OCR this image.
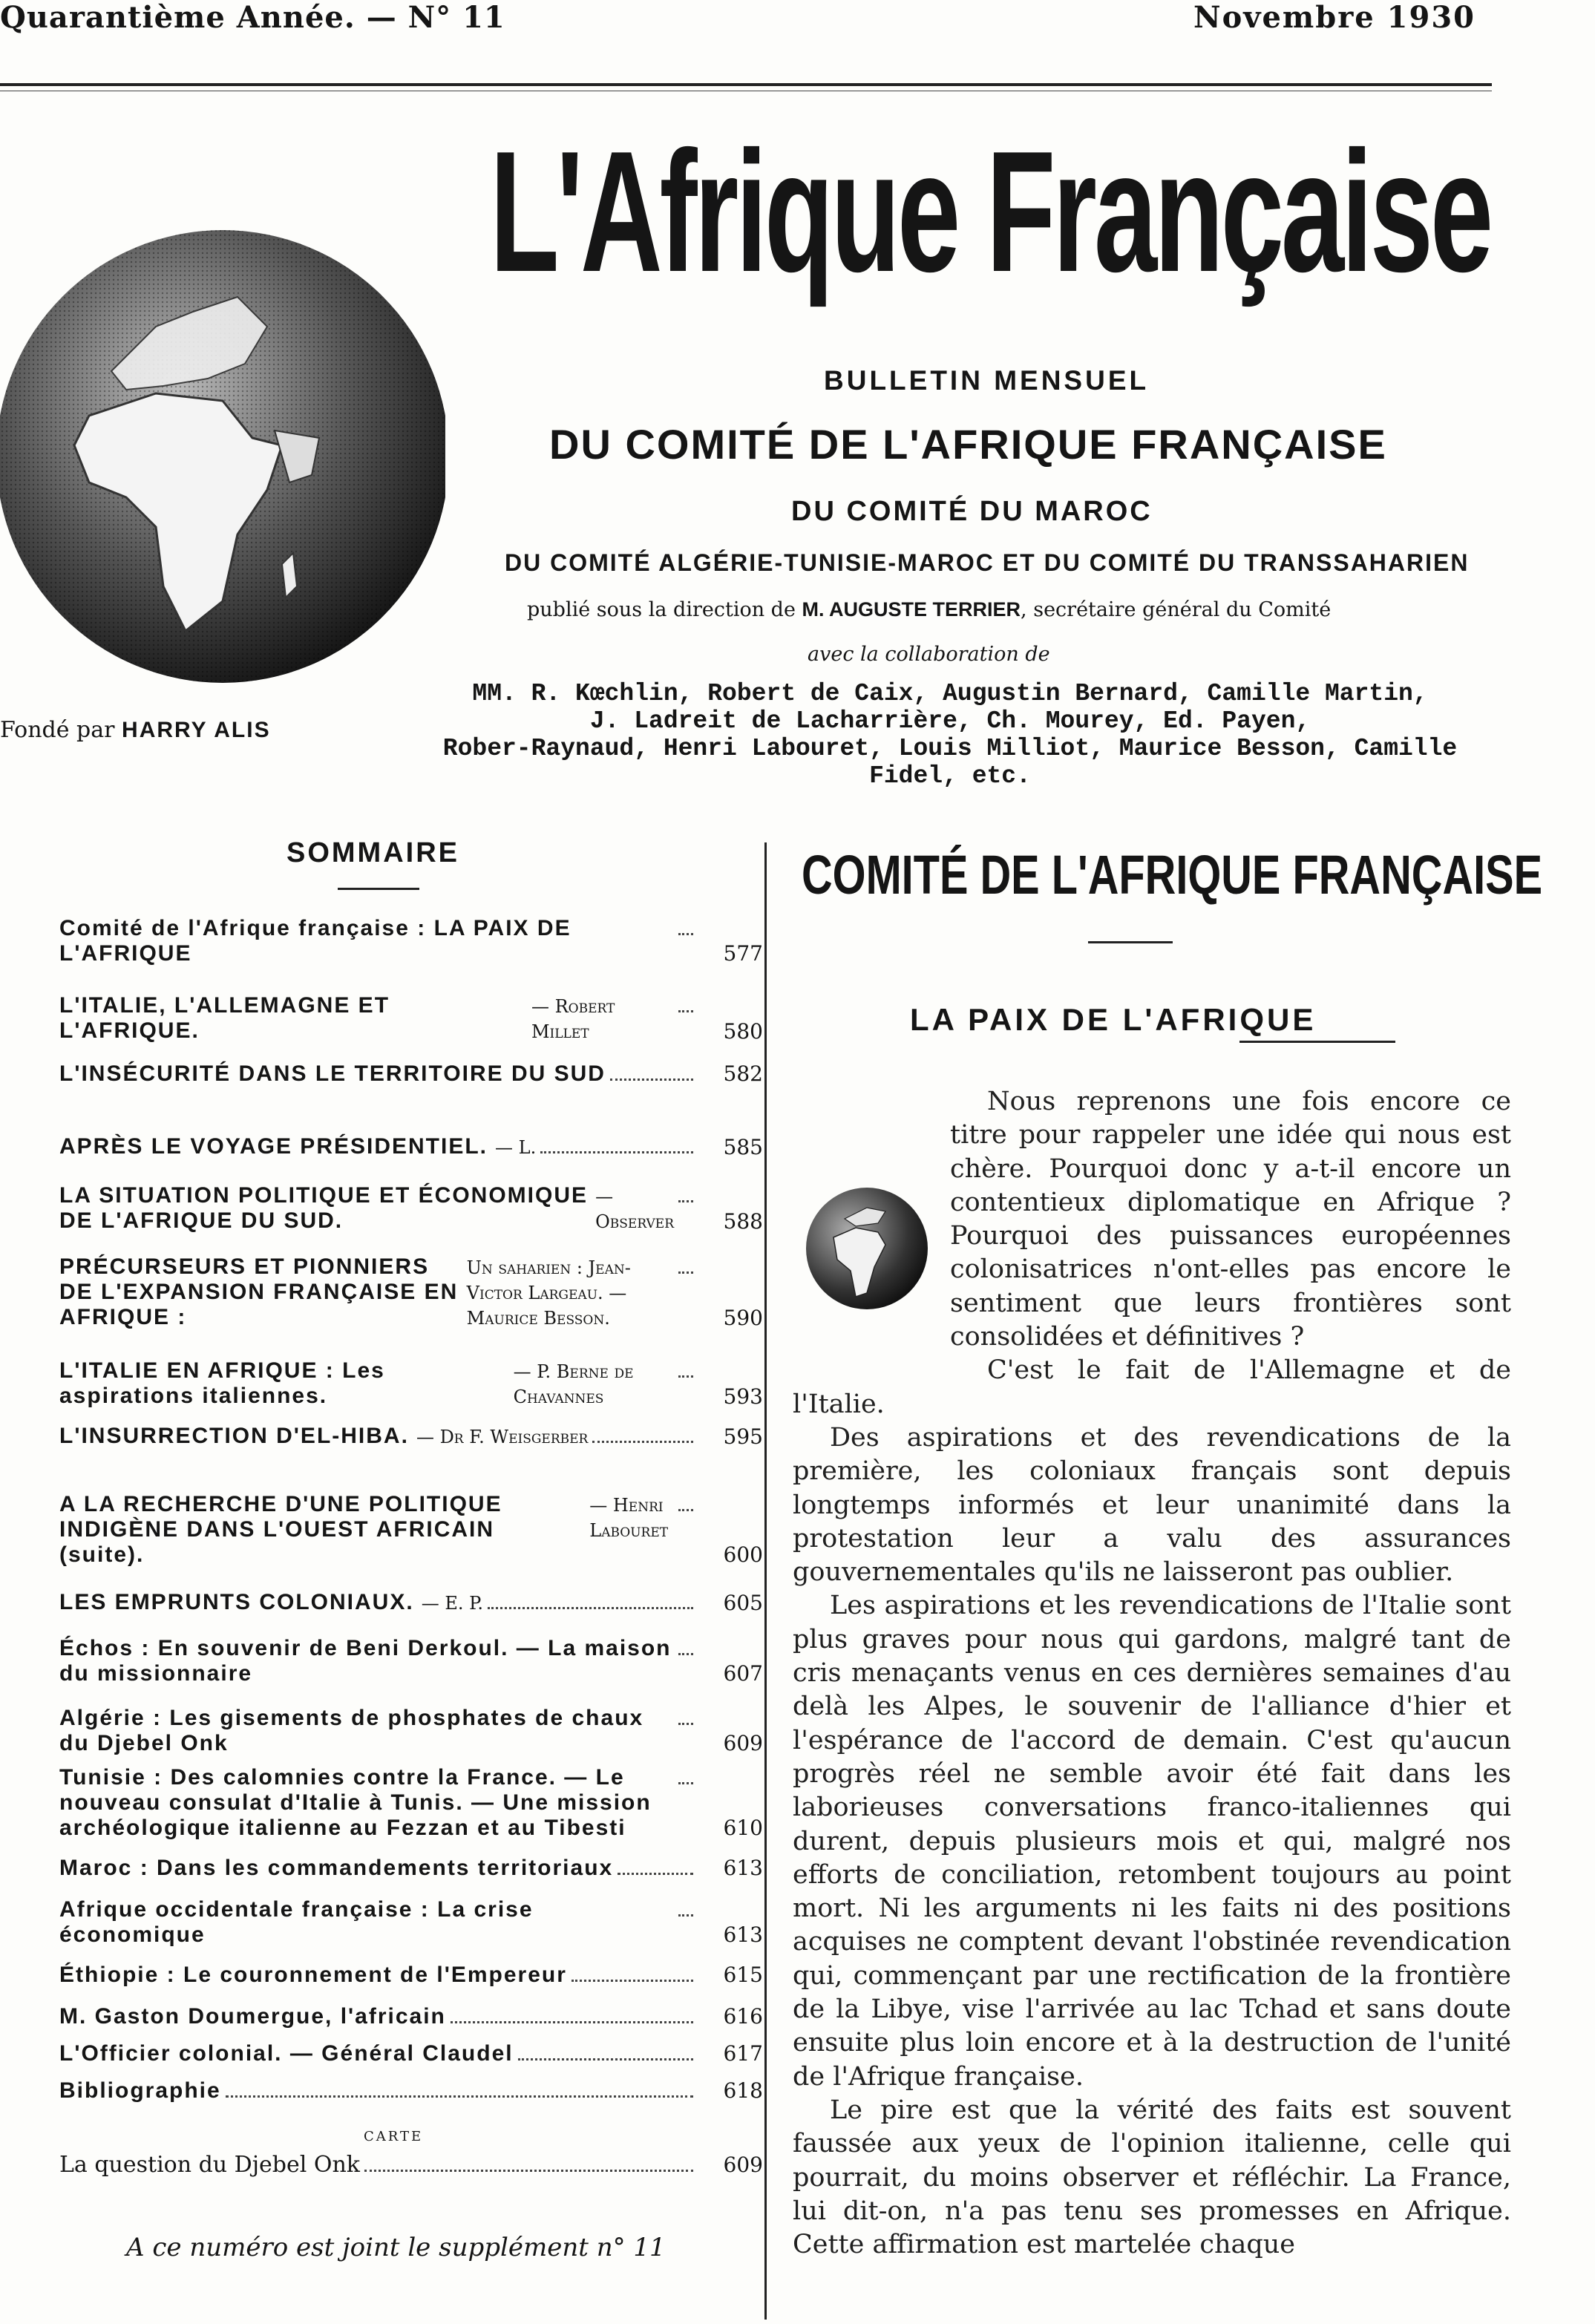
Quarantième Année. — N° 11	Novembre 1930
L'Afrique Française
BULLETIN MENSUEL
DU COMITÉ DE L'AFRIQUE FRANÇAISE
DU COMITÉ DU MAROC
DU COMITÉ ALGÉRIE-TUNISIE-MAROC ET DU COMITÉ DU TRANSSAHARIEN
publié sous la direction de M. AUGUSTE TERRIER, secrétaire général du Comité
avec la collaboration de
MM. R. Kœchlin, Robert de Caix, Augustin Bernard, Camille Martin,
J. Ladreit de Lacharrière, Ch. Mourey, Ed. Payen,
Rober-Raynaud, Henri Labouret, Louis Milliot, Maurice Besson, Camille Fidel, etc.
Fondé par HARRY ALIS
SOMMAIRE
Comité de l'Afrique française : LA PAIX DE L'AFRIQUE	577
L'ITALIE, L'ALLEMAGNE ET L'AFRIQUE.
— Robert Millet	580
L'INSÉCURITÉ DANS LE TERRITOIRE DU SUD	582
APRÈS LE VOYAGE PRÉSIDENTIEL. — L.	585
LA SITUATION POLITIQUE ET ÉCONOMIQUE DE L'AFRIQUE DU SUD.
— Observer 588
PRÉCURSEURS ET PIONNIERS DE L'EXPANSION FRANÇAISE EN AFRIQUE :
Un saharien : Jean-Victor Largeau. — Maurice Besson.	590
L'ITALIE EN AFRIQUE : Les aspirations italiennes.
— P. Berne de Chavannes	593
L'INSURRECTION D'EL-HIBA. — Dr F. Weisgerber	595
A LA RECHERCHE D'UNE POLITIQUE INDIGÈNE DANS L'OUEST AFRICAIN (suite).
— Henri Labouret
600
LES EMPRUNTS COLONIAUX. — E. P.	605
Échos : En souvenir de Beni Derkoul. — La maison du missionnaire	607
Algérie : Les gisements de phosphates de chaux du Djebel Onk	609
Tunisie : Des calomnies contre la France. — Le nouveau consulat d'Italie à Tunis. — Une mission archéologique italienne au Fezzan et au Tibesti	610
Maroc : Dans les commandements territoriaux	613
Afrique occidentale française : La crise économique	613
Éthiopie : Le couronnement de l'Empereur	615
M. Gaston Doumergue, l'africain	616
L'Officier colonial. — Général Claudel	617
Bibliographie	618
CARTE
La question du Djebel Onk	609
A ce numéro est joint le supplément n° 11
COMITÉ DE L'AFRIQUE FRANÇAISE
LA PAIX DE L'AFRIQUE

Nous reprenons une fois encore ce titre pour rappeler une idée qui nous est chère. Pourquoi donc y a-t-il encore un contentieux diplomatique en Afrique ? Pourquoi des puissances européennes colonisatrices n'ont-elles pas encore le sentiment que leurs frontières sont consolidées et définitives ?

C'est le fait de l'Allemagne et de l'Italie.

Des aspirations et des revendications de la première, les coloniaux français sont depuis longtemps informés et leur unanimité dans la protestation leur a valu des assurances gouvernementales qu'ils ne laisseront pas oublier.

Les aspirations et les revendications de l'Italie sont plus graves pour nous qui gardons, malgré tant de cris menaçants venus en ces dernières semaines d'au delà les Alpes, le souvenir de l'alliance d'hier et l'espérance de l'accord de demain. C'est qu'aucun progrès réel ne semble avoir été fait dans les laborieuses conversations franco-italiennes qui durent, depuis plusieurs mois et qui, malgré nos efforts de conciliation, retombent toujours au point mort. Ni les arguments ni les faits ni des positions acquises ne comptent devant l'obstinée revendication qui, commençant par une rectification de la frontière de la Libye, vise l'arrivée au lac Tchad et sans doute ensuite plus loin encore et à la destruction de l'unité de l'Afrique française.

Le pire est que la vérité des faits est souvent faussée aux yeux de l'opinion italienne, celle qui pourrait, du moins observer et réfléchir. La France, lui dit-on, n'a pas tenu ses promesses en Afrique. Cette affirmation est martelée chaque
